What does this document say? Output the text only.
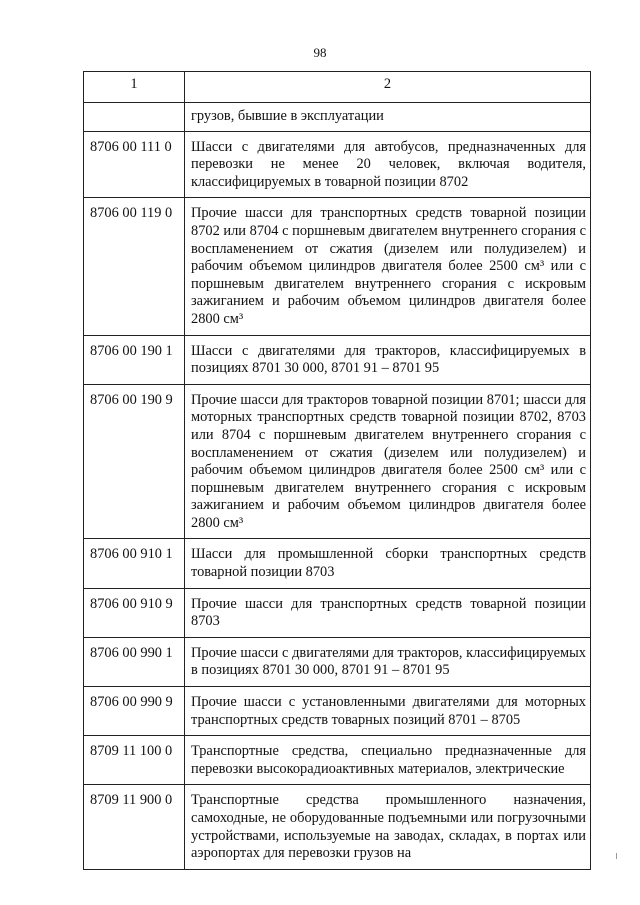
98
1	2
	грузов, бывшие в эксплуатации
8706 00 111 0	Шасси с двигателями для автобусов, предназначенных для перевозки не менее 20 человек, включая водителя, классифицируемых в товарной позиции 8702
8706 00 119 0	Прочие шасси для транспортных средств товарной позиции 8702 или 8704 с поршневым двигателем внутреннего сгорания с воспламенением от сжатия (дизелем или полудизелем) и рабочим объемом цилиндров двигателя более 2500 см³ или с поршневым двигателем внутреннего сгорания с искровым зажиганием и рабочим объемом цилиндров двигателя более 2800 см³
8706 00 190 1	Шасси с двигателями для тракторов, классифицируемых в позициях 8701 30 000, 8701 91 – 8701 95
8706 00 190 9	Прочие шасси для тракторов товарной позиции 8701; шасси для моторных транспортных средств товарной позиции 8702, 8703 или 8704 с поршневым двигателем внутреннего сгорания с воспламенением от сжатия (дизелем или полудизелем) и рабочим объемом цилиндров двигателя более 2500 см³ или с поршневым двигателем внутреннего сгорания с искровым зажиганием и рабочим объемом цилиндров двигателя более 2800 см³
8706 00 910 1	Шасси для промышленной сборки транспортных средств товарной позиции 8703
8706 00 910 9	Прочие шасси для транспортных средств товарной позиции 8703
8706 00 990 1	Прочие шасси с двигателями для тракторов, классифицируемых в позициях 8701 30 000, 8701 91 – 8701 95
8706 00 990 9	Прочие шасси с установленными двигателями для моторных транспортных средств товарных позиций 8701 – 8705
8709 11 100 0	Транспортные средства, специально предназначенные для перевозки высокорадиоактивных материалов, электрические
8709 11 900 0	Транспортные средства промышленного назначения, самоходные, не оборудованные подъемными или погрузочными устройствами, используемые на заводах, складах, в портах или аэропортах для перевозки грузов на
